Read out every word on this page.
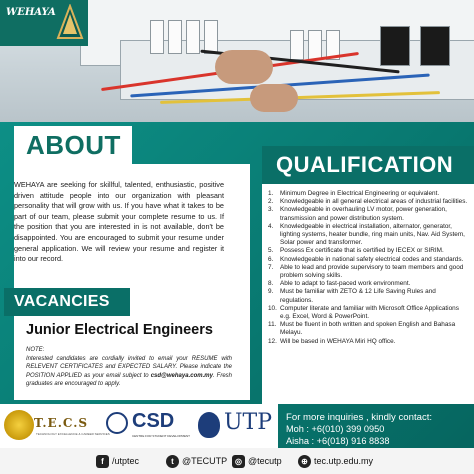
WEHAYA
ABOUT

WEHAYA are seeking for skillful, talented, enthusiastic, positive driven attitude people into our organization with pleasant personality that will grow with us. If you have what it takes to be part of our team, please submit your complete resume to us. If the position that you are interested in is not available, don't be disappointed. You are encouraged to submit your resume under general application. We will review your resume and register it into our record.

VACANCIES
Junior Electrical Engineers

NOTE:
Interested candidates are cordially invited to email your RESUME with RELEVENT CERTIFICATES and EXPECTED SALARY. Please indicate the POSITION APPLIED as your email subject to csd@wehaya.com.my. Fresh graduates are encouraged to apply.

QUALIFICATION
1.	Minimum Degree in Electrical Engineering or equivalent.
2.	Knowledgeable in all general electrical areas of industrial facilities.
3.	Knowledgeable in overhauling LV motor, power generation, transmission and power distribution system.
4.	Knowledgeable in electrical installation, alternator, generator, lighting systems, heater bundle, ring main units, Nav. Aid System, Solar power and transformer.
5.	Possess Ex certificate that is certified by IECEX or SIRIM.
6.	Knowledgeable in national safety electrical codes and standards.
7.	Able to lead and provide supervisory to team members and good problem solving skills.
8.	Able to adapt to fast-paced work environment.
9.	Must be familiar with ZETO & 12 Life Saving Rules and regulations.
10. Computer literate and familiar with Microsoft Office Applications e.g. Excel, Word & PowerPoint.
11. Must be fluent in both written and spoken English and Bahasa Melayu.
12. Will be based in WEHAYA Miri HQ office.
T.E.C.S
TECHNOLOGY EXCELLENCE & CAREER SERVICES
CSD
CENTRE FOR STUDENT DEVELOPMENT
UTP For more inquiries , kindly contact:
Moh : +6(010) 399 0950
Aisha : +6(018) 916 8838
f /utptec	t @TECUTP ◎ @tecutp	⊕ tec.utp.edu.my
